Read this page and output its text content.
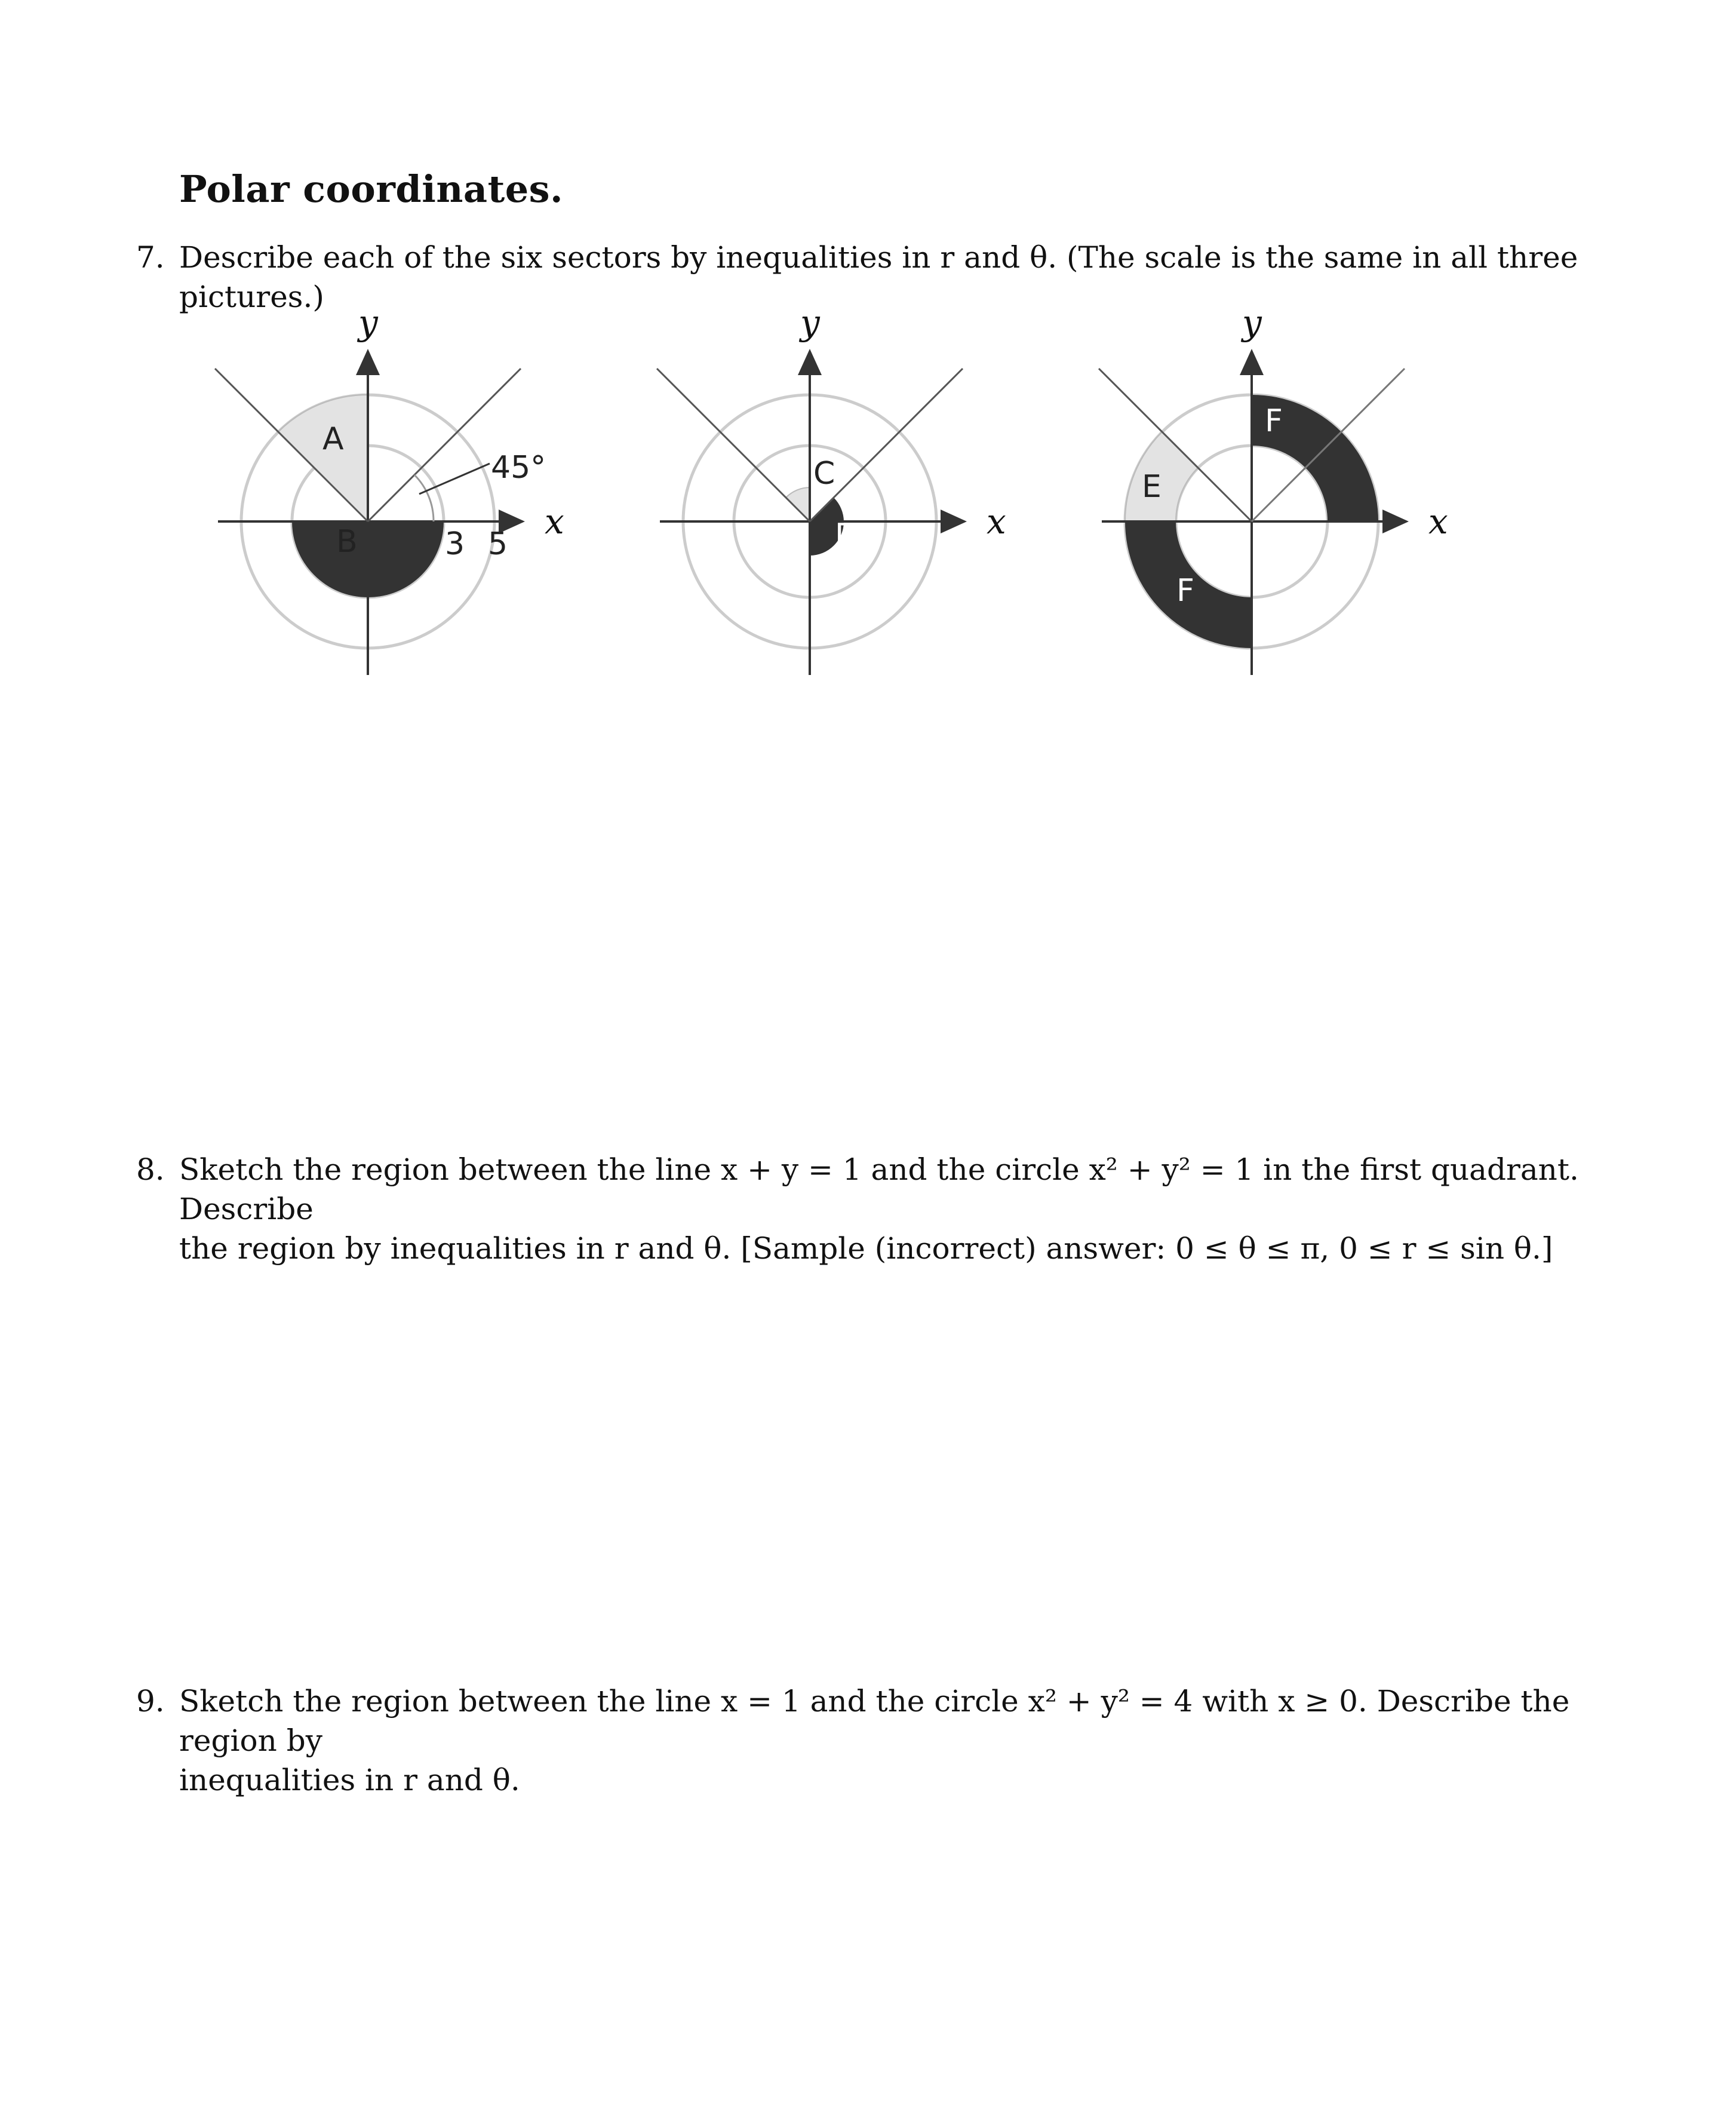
Polar coordinates.
7. Describe each of the six sectors by inequalities in r and θ. (The scale is the same in all three pictures.)
A
B
45°
3 5
x
y
C
D	x
y
E
F
F
x
y
8. Sketch the region between the line x + y = 1 and the circle x² + y² = 1 in the first quadrant. Describe
the region by inequalities in r and θ. [Sample (incorrect) answer: 0 ≤ θ ≤ π, 0 ≤ r ≤ sin θ.]
9. Sketch the region between the line x = 1 and the circle x² + y² = 4 with x ≥ 0. Describe the region by
inequalities in r and θ.
